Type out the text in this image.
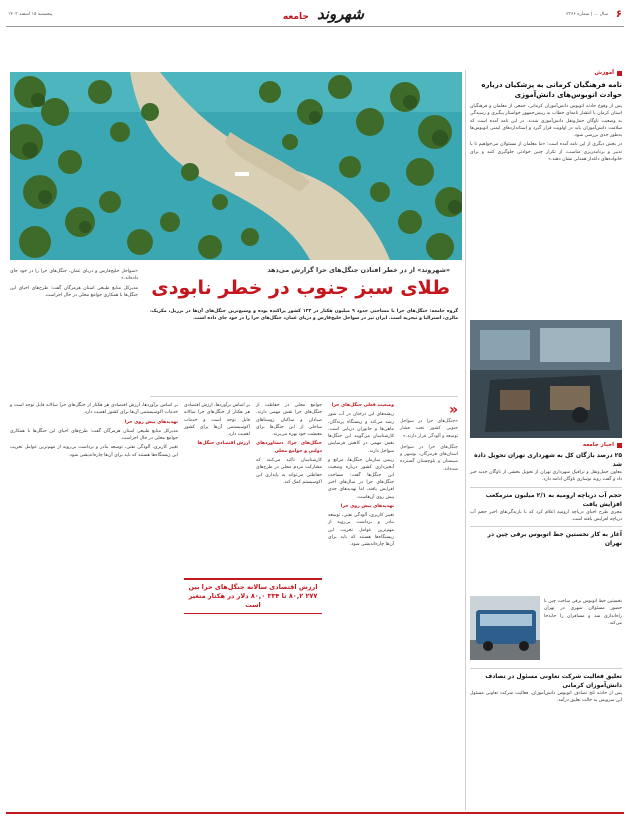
۶
سال ... | شماره ۲۳۶۶
شهروند جامعه
پنجشنبه ۱۵ اسفند ۱۴۰۳
«شهروند» از در خطر افتادن جنگل‌های حرا گزارش می‌دهد
طلای سبز جنوب در خطر نابودی

«سواحل خلیج‌فارس و دریای عمان، جنگل‌های حرا را در خود جای داده‌اند.»

مدیرکل منابع طبیعی استان هرمزگان گفت: طرح‌های احیای این جنگل‌ها با همکاری جوامع محلی در حال اجراست.

گروه جامعه: جنگل‌های حرا با مساحتی حدود ۹ میلیون هکتار در ۱۲۳ کشور پراکنده بوده و وسیع‌ترین جنگل‌های آن‌ها در برزیل، مکزیک، مالزی، استرالیا و نیجریه است. ایران نیز در سواحل خلیج‌فارس و دریای عمان، جنگل‌های حرا را در خود جای داده است.
«
«جنگل‌های حرا در سواحل جنوبی کشور تحت فشار توسعه و آلودگی قرار دارند.»
جنگل‌های حرا در سواحل استان‌های هرمزگان، بوشهر و سیستان و بلوچستان گسترده شده‌اند.

وضعیت فعلی جنگل‌های حرا

ریشه‌های این درختان در آب شور رشد می‌کند و زیستگاه پرندگان، ماهی‌ها و جانوران دریایی است. کارشناسان می‌گویند این جنگل‌ها نقش مهمی در کاهش فرسایش سواحل دارند.

رییس سازمان جنگل‌ها، مراتع و آبخیزداری کشور درباره وضعیت این جنگل‌ها گفت: مساحت جنگل‌های حرا در سال‌های اخیر افزایش یافته، اما تهدیدهای جدی پیش روی آن‌هاست.

تهدیدهای پیش روی حرا

تغییر کاربری، آلودگی نفتی، توسعه بنادر و برداشت بی‌رویه از مهم‌ترین عوامل تخریب این زیستگاه‌ها هستند که باید برای آن‌ها چاره‌اندیشی شود.

جوامع محلی در حفاظت از جنگل‌های حرا نقش مهمی دارند. صیادان و ساکنان روستاهای ساحلی از این جنگل‌ها برای معیشت خود بهره می‌برند.

جنگل‌های حرا؛ دستاوردهای دولتی و جوامع محلی

کارشناسان تاکید می‌کنند که مشارکت مردم محلی در طرح‌های حفاظتی می‌تواند به پایداری این اکوسیستم کمک کند.

بر اساس برآوردها، ارزش اقتصادی هر هکتار از جنگل‌های حرا سالانه قابل توجه است و خدمات اکوسیستمی آن‌ها برای کشور اهمیت دارد.

ارزش اقتصادی جنگل‌ها

ارزش اقتصادی سالانه جنگل‌های حرا بین ۲۷۷ ۸۰,۲ تا ۳۳۴ ۸۰,۰ دلار در هکتار متغیر است

بر اساس برآوردها، ارزش اقتصادی هر هکتار از جنگل‌های حرا سالانه قابل توجه است و خدمات اکوسیستمی آن‌ها برای کشور اهمیت دارد.

تهدیدهای پیش روی حرا

مدیرکل منابع طبیعی استان هرمزگان گفت: طرح‌های احیای این جنگل‌ها با همکاری جوامع محلی در حال اجراست.

تغییر کاربری، آلودگی نفتی، توسعه بنادر و برداشت بی‌رویه از مهم‌ترین عوامل تخریب این زیستگاه‌ها هستند که باید برای آن‌ها چاره‌اندیشی شود.

آموزش
نامه فرهنگیان کرمانی به پزشکیان درباره حوادث اتوبوس‌های دانش‌آموزی
پس از وقوع حادثه اتوبوس دانش‌آموزان کرمانی، جمعی از معلمان و فرهنگیان استان کرمان با انتشار نامه‌ای خطاب به رییس‌جمهور خواستار پیگیری و رسیدگی به وضعیت ناوگان حمل‌ونقل دانش‌آموزی شدند. در این نامه آمده است که سلامت دانش‌آموزان باید در اولویت قرار گیرد و استانداردهای ایمنی اتوبوس‌ها به‌طور جدی بررسی شود.
در بخش دیگری از این نامه آمده است: «ما معلمان از مسئولان می‌خواهیم تا با تدبیر و برنامه‌ریزی مناسب، از تکرار چنین حوادثی جلوگیری کنند و برای خانواده‌های داغدار همدلی نشان دهند.»
اخبار جامعه
۲۵ درصد بازگان کل به شهرداری تهران تحویل داده شد
معاون حمل‌ونقل و ترافیک شهرداری تهران از تحویل بخشی از ناوگان جدید خبر داد و گفت روند نوسازی ناوگان ادامه دارد.
حجم آب دریاچه ارومیه به ۲/۱ میلیون مترمکعب افزایش یافت
مجری طرح احیای دریاچه ارومیه اعلام کرد که با بارندگی‌های اخیر حجم آب دریاچه افزایش یافته است.
آغاز به کار نخستین خط اتوبوس برقی چین در تهران
نخستین خط اتوبوس برقی ساخت چین با حضور مسئولان شهری در تهران راه‌اندازی شد و مسافران را جابه‌جا می‌کند.
تعلیق فعالیت شرکت تعاونی مسئول در تصادف دانش‌آموزان کرمانی
پس از حادثه تلخ تصادف اتوبوس دانش‌آموزان، فعالیت شرکت تعاونی مسئول این سرویس به حالت تعلیق درآمد.
